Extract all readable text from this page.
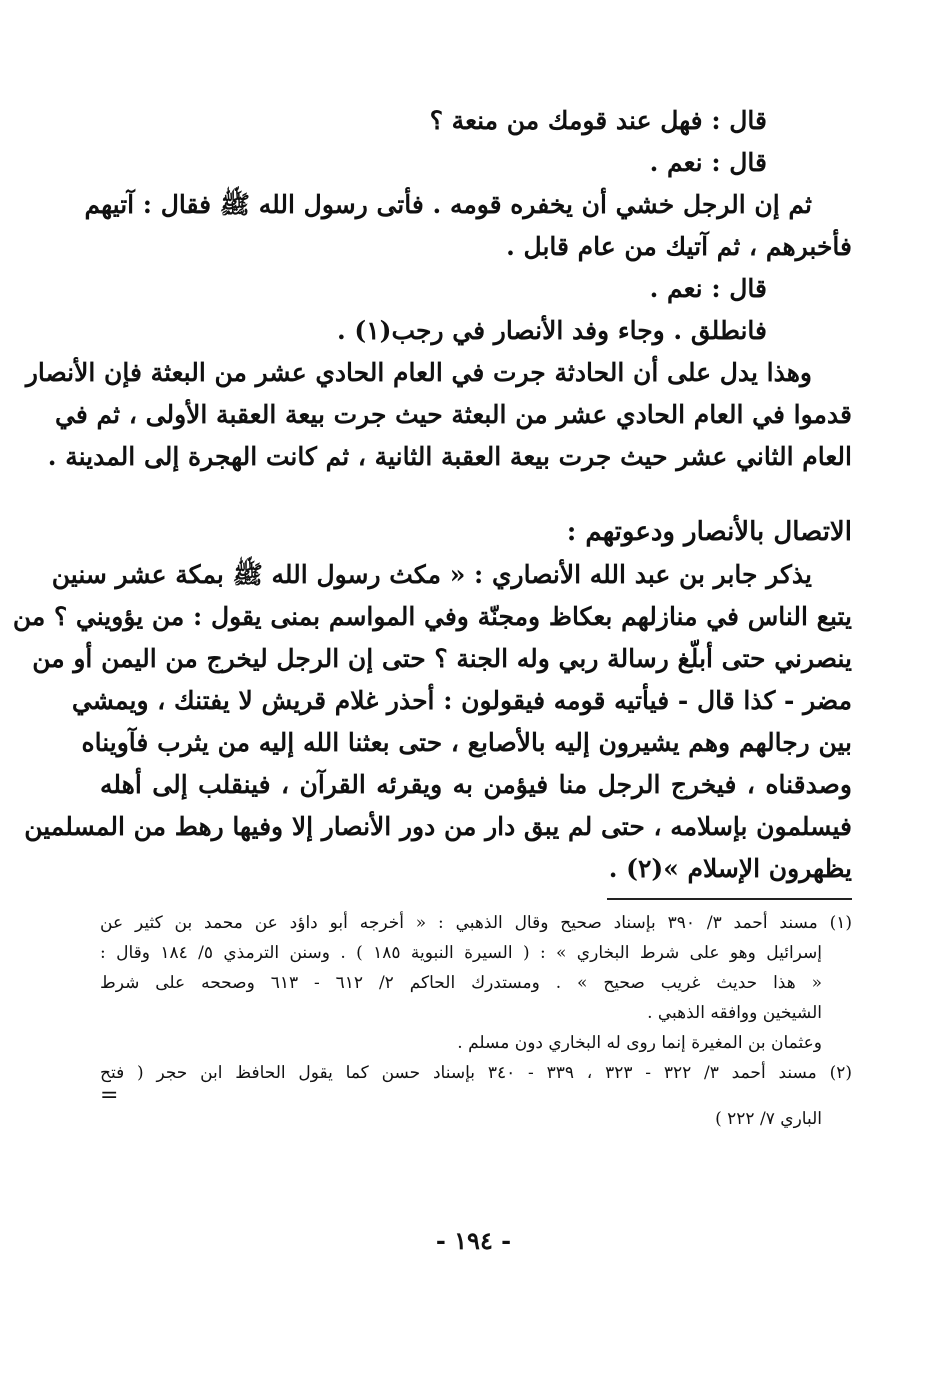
قال : فهل عند قومك من منعة ؟
قال : نعم .
ثم إن الرجل خشي أن يخفره قومه . فأتى رسول الله ﷺ فقال : آتيهم
فأخبرهم ، ثم آتيك من عام قابل .
قال : نعم .
فانطلق . وجاء وفد الأنصار في رجب(١) .
وهذا يدل على أن الحادثة جرت في العام الحادي عشر من البعثة فإن الأنصار
قدموا في العام الحادي عشر من البعثة حيث جرت بيعة العقبة الأولى ، ثم في
العام الثاني عشر حيث جرت بيعة العقبة الثانية ، ثم كانت الهجرة إلى المدينة .
الاتصال بالأنصار ودعوتهم :
يذكر جابر بن عبد الله الأنصاري : « مكث رسول الله ﷺ بمكة عشر سنين
يتبع الناس في منازلهم بعكاظ ومجنّة وفي المواسم بمنى يقول : من يؤويني ؟ من
ينصرني حتى أبلّغ رسالة ربي وله الجنة ؟ حتى إن الرجل ليخرج من اليمن أو من
مضر - كذا قال - فيأتيه قومه فيقولون : أحذر غلام قريش لا يفتنك ، ويمشي
بين رجالهم وهم يشيرون إليه بالأصابع ، حتى بعثنا الله إليه من يثرب فآويناه
وصدقناه ، فيخرج الرجل منا فيؤمن به ويقرئه القرآن ، فينقلب إلى أهله
فيسلمون بإسلامه ، حتى لم يبق دار من دور الأنصار إلا وفيها رهط من المسلمين
يظهرون الإسلام »(٢) .
(١) مسند أحمد ٣/ ٣٩٠ بإسناد صحيح وقال الذهبي : « أخرجه أبو داؤد عن محمد بن كثير عن
إسرائيل وهو على شرط البخاري » : ( السيرة النبوية ١٨٥ ) . وسنن الترمذي ٥/ ١٨٤ وقال :
« هذا حديث غريب صحيح » . ومستدرك الحاكم ٢/ ٦١٢ - ٦١٣ وصححه على شرط
الشيخين ووافقه الذهبي .
وعثمان بن المغيرة إنما روى له البخاري دون مسلم .
(٢) مسند أحمد ٣/ ٣٢٢ - ٣٢٣ ، ٣٣٩ - ٣٤٠ بإسناد حسن كما يقول الحافظ ابن حجر ( فتح
=
الباري ٧/ ٢٢٢ )
- ١٩٤ -
